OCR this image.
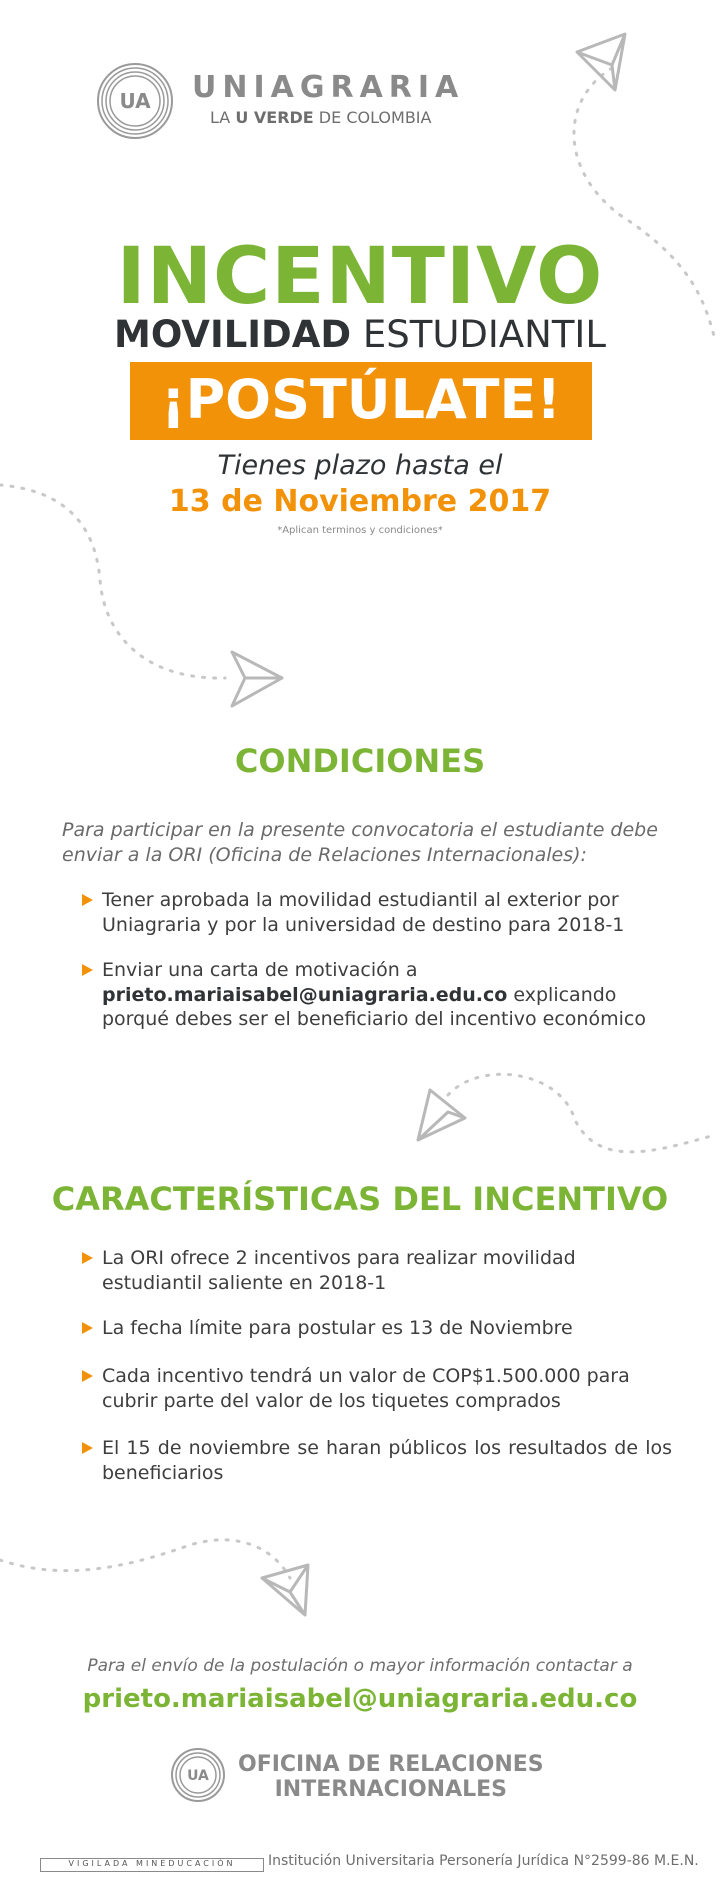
UA UNIAGRARIA
LA U VERDE DE COLOMBIA
INCENTIVO
MOVILIDAD ESTUDIANTIL
¡POSTÚLATE!
Tienes plazo hasta el
13 de Noviembre 2017
*Aplican terminos y condiciones*
CONDICIONES
Para participar en la presente convocatoria el estudiante debe enviar a la ORI (Oficina de Relaciones Internacionales):
Tener aprobada la movilidad estudiantil al exterior por Uniagraria y por la universidad de destino para 2018-1
Enviar una carta de motivación a prieto.mariaisabel@uniagraria.edu.co explicando porqué debes ser el beneficiario del incentivo económico
CARACTERÍSTICAS DEL INCENTIVO
La ORI ofrece 2 incentivos para realizar movilidad estudiantil saliente en 2018-1
La fecha límite para postular es 13 de Noviembre
Cada incentivo tendrá un valor de COP$1.500.000 para cubrir parte del valor de los tiquetes comprados
El 15 de noviembre se haran públicos los resultados de los beneficiarios
Para el envío de la postulación o mayor información contactar a
prieto.mariaisabel@uniagraria.edu.co
UA OFICINA DE RELACIONES
INTERNACIONALES
VIGILADA MINEDUCACIÓN	Institución Universitaria Personería Jurídica N°2599-86 M.E.N.
